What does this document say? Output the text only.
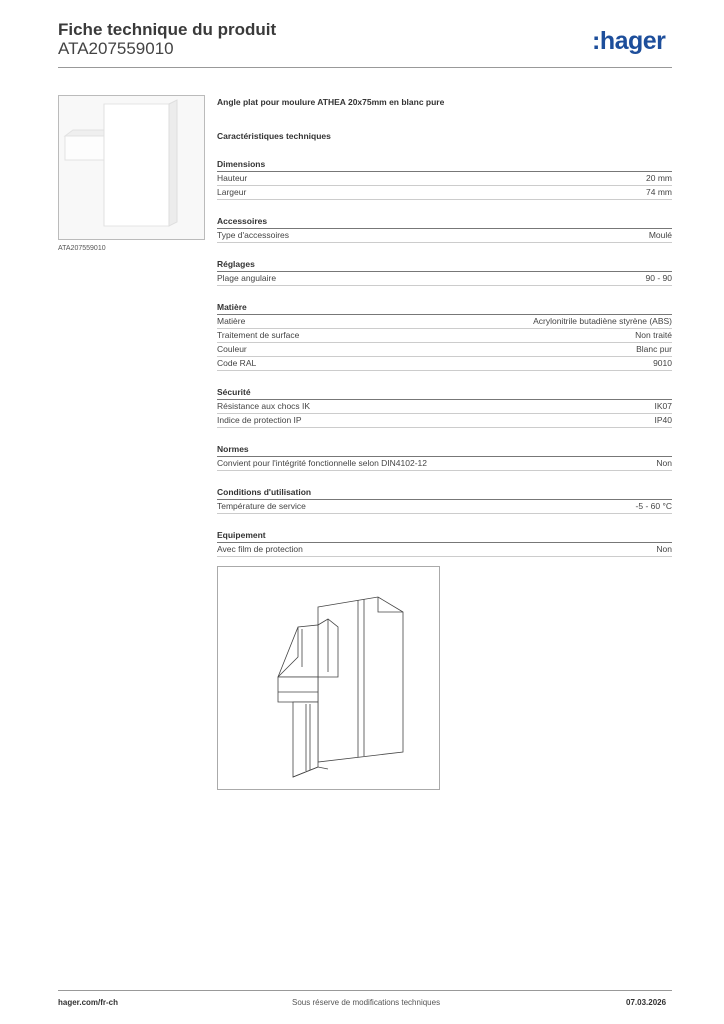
Fiche technique du produit
ATA207559010	:hager
ATA207559010
Angle plat pour moulure ATHEA 20x75mm en blanc pure
Caractéristiques techniques
Dimensions
Hauteur	20 mm
Largeur	74 mm
Accessoires
Type d'accessoires	Moulé
Réglages
Plage angulaire	90 - 90
Matière
Matière	Acrylonitrile butadiène styrène (ABS)
Traitement de surface	Non traité
Couleur	Blanc pur
Code RAL	9010
Sécurité
Résistance aux chocs IK	IK07
Indice de protection IP	IP40
Normes
Convient pour l'intégrité fonctionnelle selon DIN4102-12	Non
Conditions d'utilisation
Température de service	-5 - 60 °C
Equipement
Avec film de protection	Non
hager.com/fr-ch	Sous réserve de modifications techniques	07.03.2026
